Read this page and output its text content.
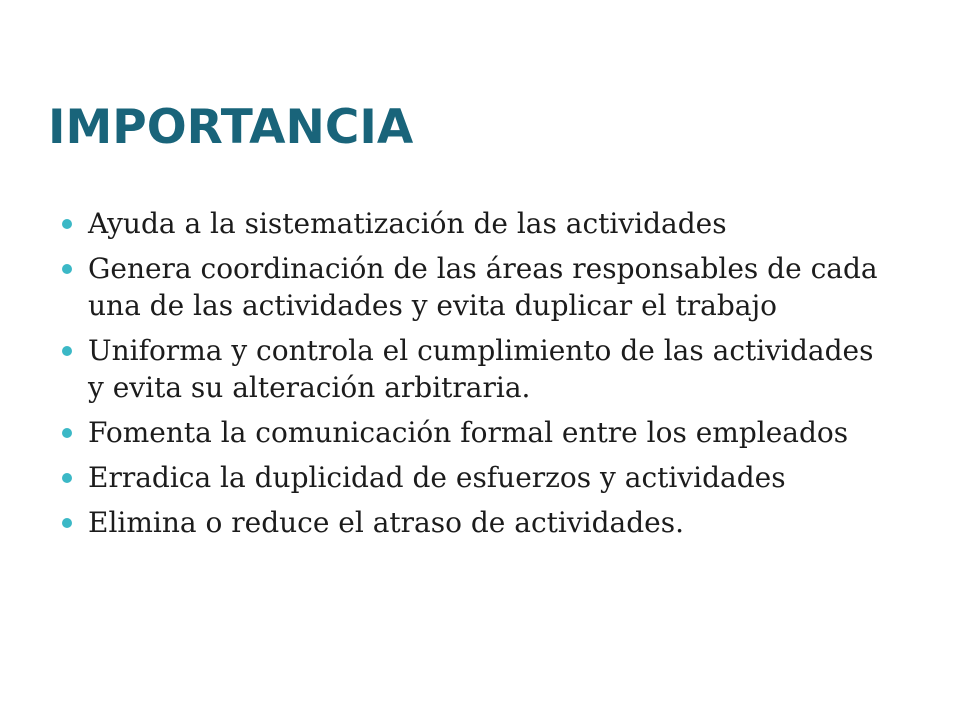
IMPORTANCIA
Ayuda a la sistematización de las actividades
Genera coordinación de las áreas responsables de cada una de las actividades y evita duplicar el trabajo
Uniforma y controla el cumplimiento de las actividades y evita su alteración arbitraria.
Fomenta la comunicación formal entre los empleados
Erradica la duplicidad de esfuerzos y actividades
Elimina o reduce el atraso de actividades.
